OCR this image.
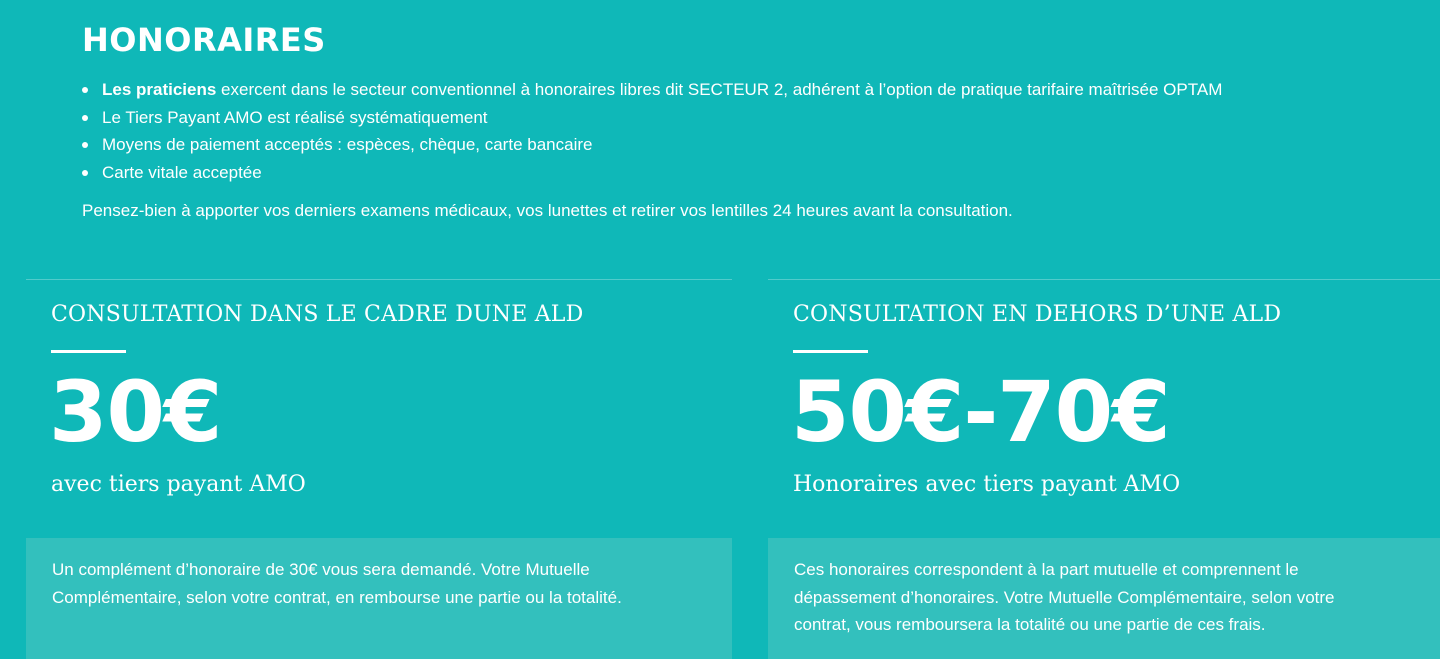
HONORAIRES
Les praticiens exercent dans le secteur conventionnel à honoraires libres dit SECTEUR 2, adhérent à l’option de pratique tarifaire maîtrisée OPTAM
Le Tiers Payant AMO est réalisé systématiquement
Moyens de paiement acceptés : espèces, chèque, carte bancaire
Carte vitale acceptée

Pensez-bien à apporter vos derniers examens médicaux, vos lunettes et retirer vos lentilles 24 heures avant la consultation.

CONSULTATION DANS LE CADRE DUNE ALD
30€
avec tiers payant AMO
Un complément d’honoraire de 30€ vous sera demandé. Votre Mutuelle Complémentaire, selon votre contrat, en rembourse une partie ou la totalité.
CONSULTATION EN DEHORS D’UNE ALD
50€-70€
Honoraires avec tiers payant AMO
Ces honoraires correspondent à la part mutuelle et comprennent le dépassement d’honoraires. Votre Mutuelle Complémentaire, selon votre contrat, vous remboursera la totalité ou une partie de ces frais.
